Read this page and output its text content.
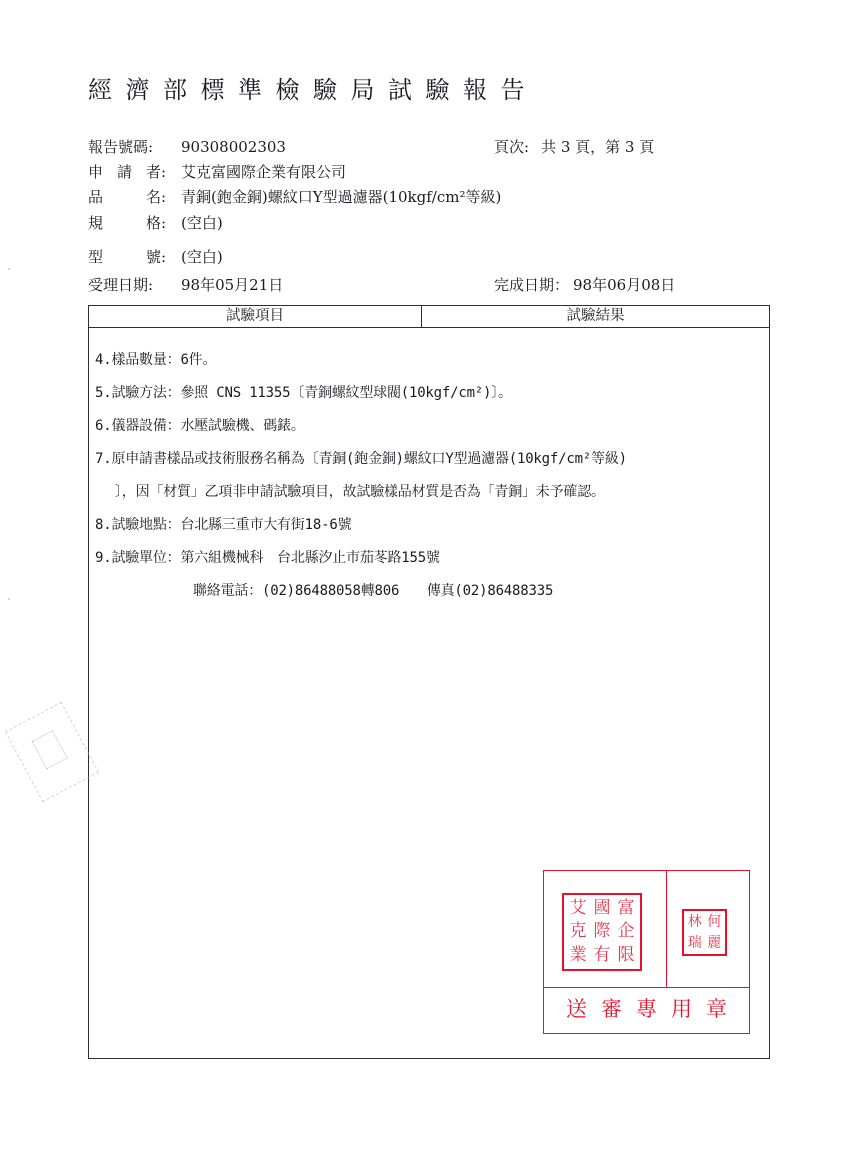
經濟部標準檢驗局試驗報告
報告號碼: 90308002303	頁次: 共 3 頁，第 3 頁
申 請 者: 艾克富國際企業有限公司
品	名: 青銅(鉋金銅)螺紋口Y型過濾器(10kgf/cm²等級)
規	格: (空白)
型	號: (空白)
受理日期: 98年05月21日	完成日期： 98年06月08日
試驗項目	試驗結果
4.樣品數量：6件。
5.試驗方法：參照 CNS 11355〔青銅螺紋型球閥(10kgf/cm²)〕。
6.儀器設備：水壓試驗機、碼錶。
7.原申請書樣品或技術服務名稱為〔青銅(鉋金銅)螺紋口Y型過濾器(10kgf/cm²等級)
〕，因「材質」乙項非申請試驗項目，故試驗樣品材質是否為「青銅」未予確認。
8.試驗地點：台北縣三重市大有街18-6號
9.試驗單位：第六組機械科　台北縣汐止市茄苳路155號
聯絡電話：(02)86488058轉806　　傳真(02)86488335
艾 國 富
克 際 企
業 有 限
林 何
瑞 麗
送審專用章
